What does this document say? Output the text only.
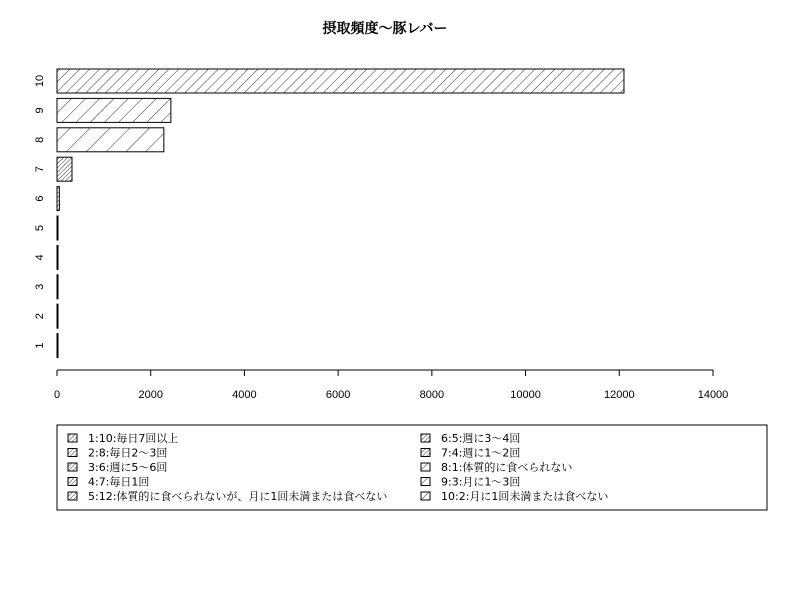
摂取頻度〜豚レバー
1
2
3
4
5
6
7
8
9
10
0	2000	4000	6000	8000	10000	12000	14000
1:10:毎日7回以上
2:8:毎日2〜3回
3:6:週に5〜6回
4:7:毎日1回
5:12:体質的に食べられないが、月に1回未満または食べない
6:5:週に3〜4回
7:4:週に1〜2回
8:1:体質的に食べられない
9:3:月に1〜3回
10:2:月に1回未満または食べない
